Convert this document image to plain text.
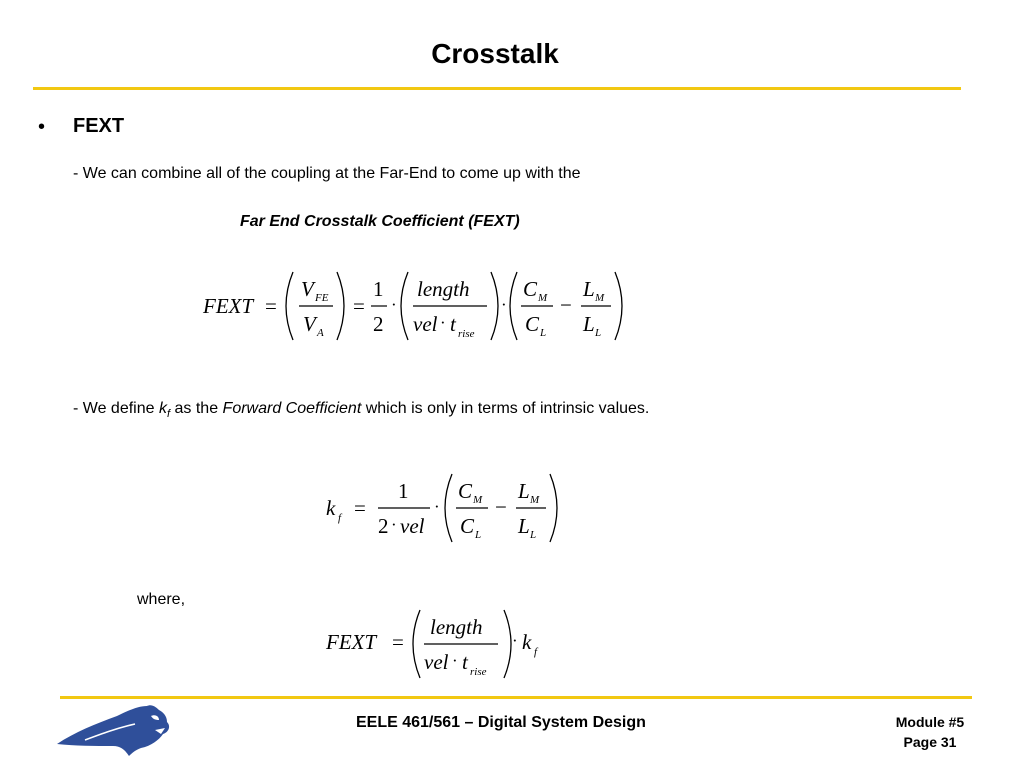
Crosstalk
• FEXT
- We can combine all of the coupling at the Far-End to come up with the
Far End Crosstalk Coefficient (FEXT)
FEXT =
V FE
V A
=
1
2
·
length
vel · t rise
·
C M
C L
−
L M
L L
- We define $k_f$ as the Forward Coefficient which is only in terms of intrinsic values.
k f =
1
2 · vel
·
C M
C L
−
L M
L L
where,
FEXT =
length
vel · t rise
· k f
EELE 461/561 – Digital System Design	Module #5
Page 31
